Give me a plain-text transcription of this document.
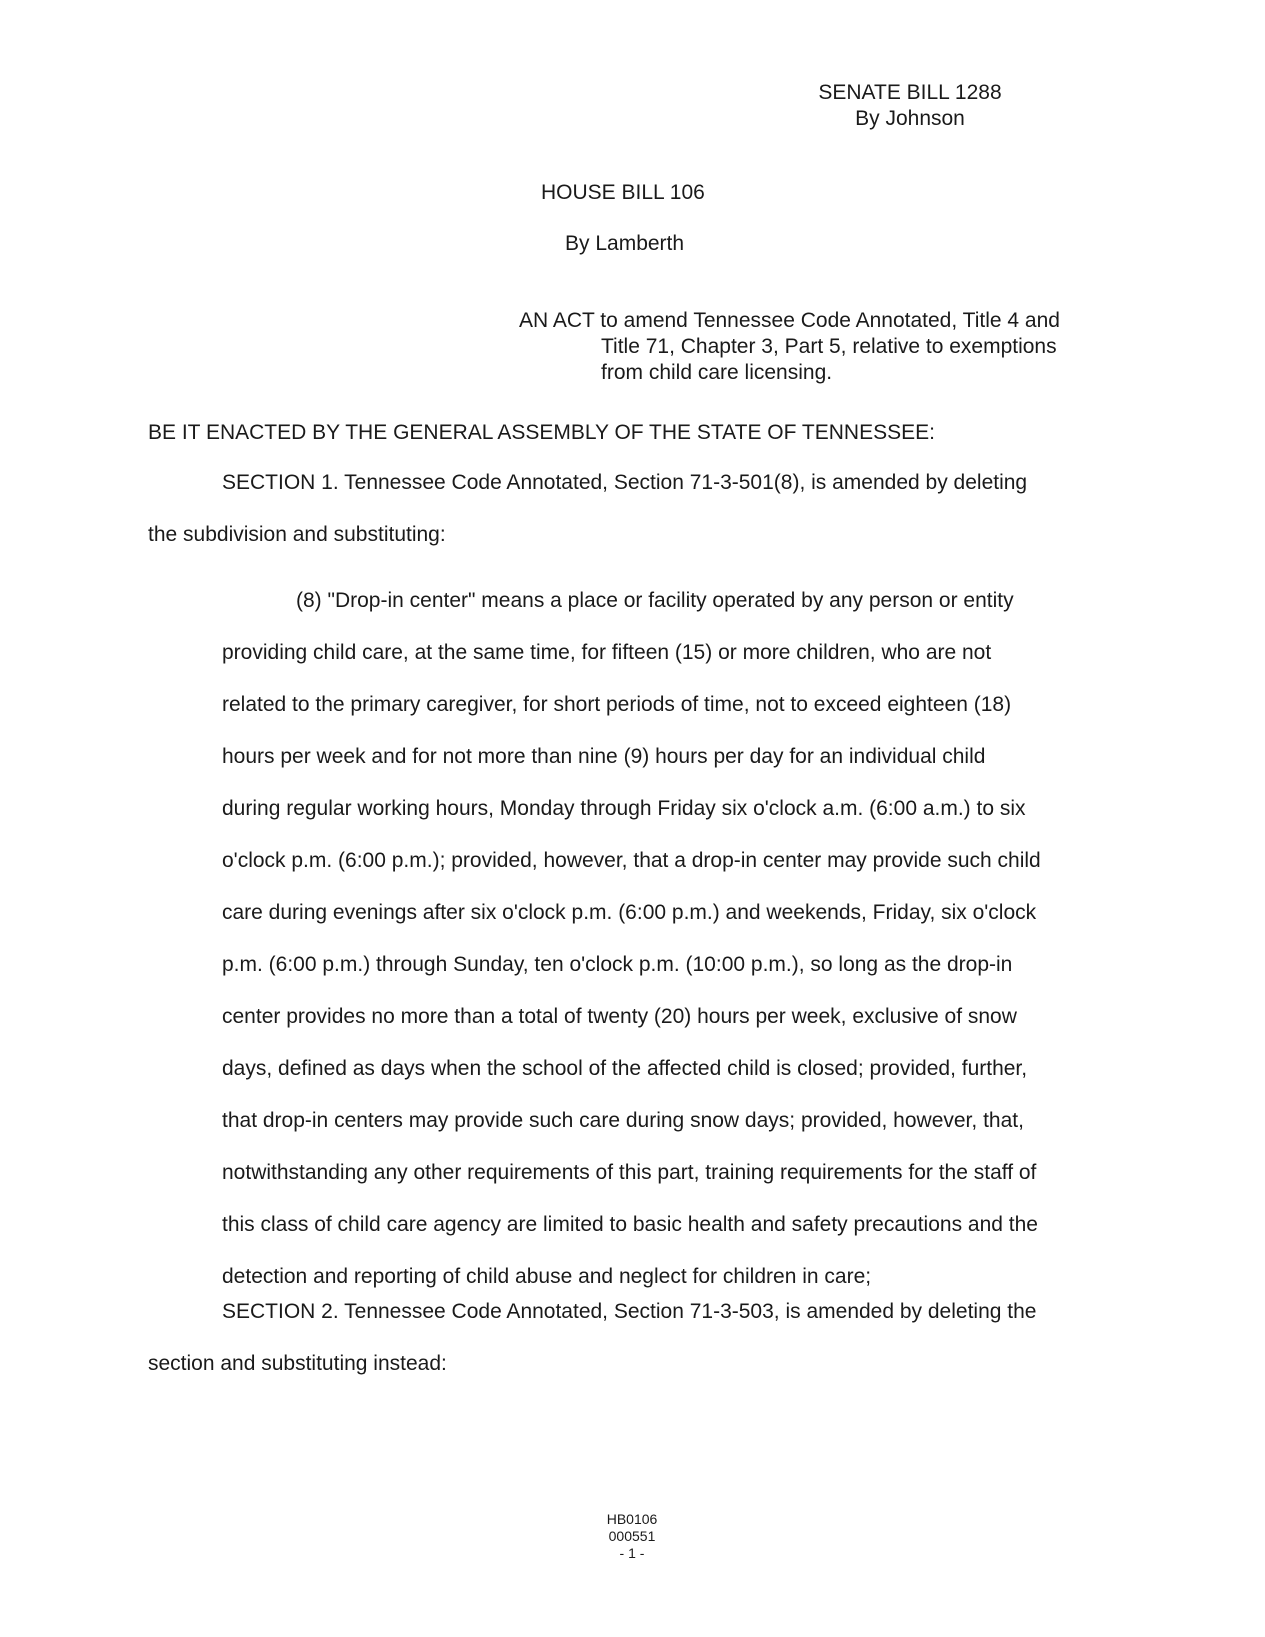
SENATE BILL 1288
By Johnson
HOUSE BILL 106
By Lamberth
AN ACT to amend Tennessee Code Annotated, Title 4 and
Title 71, Chapter 3, Part 5, relative to exemptions
from child care licensing.
BE IT ENACTED BY THE GENERAL ASSEMBLY OF THE STATE OF TENNESSEE:
SECTION 1. Tennessee Code Annotated, Section 71-3-501(8), is amended by deleting
the subdivision and substituting:
(8) "Drop-in center" means a place or facility operated by any person or entity
providing child care, at the same time, for fifteen (15) or more children, who are not
related to the primary caregiver, for short periods of time, not to exceed eighteen (18)
hours per week and for not more than nine (9) hours per day for an individual child
during regular working hours, Monday through Friday six o'clock a.m. (6:00 a.m.) to six
o'clock p.m. (6:00 p.m.); provided, however, that a drop-in center may provide such child
care during evenings after six o'clock p.m. (6:00 p.m.) and weekends, Friday, six o'clock
p.m. (6:00 p.m.) through Sunday, ten o'clock p.m. (10:00 p.m.), so long as the drop-in
center provides no more than a total of twenty (20) hours per week, exclusive of snow
days, defined as days when the school of the affected child is closed; provided, further,
that drop-in centers may provide such care during snow days; provided, however, that,
notwithstanding any other requirements of this part, training requirements for the staff of
this class of child care agency are limited to basic health and safety precautions and the
detection and reporting of child abuse and neglect for children in care;
SECTION 2. Tennessee Code Annotated, Section 71-3-503, is amended by deleting the
section and substituting instead:
HB0106
000551
- 1 -
